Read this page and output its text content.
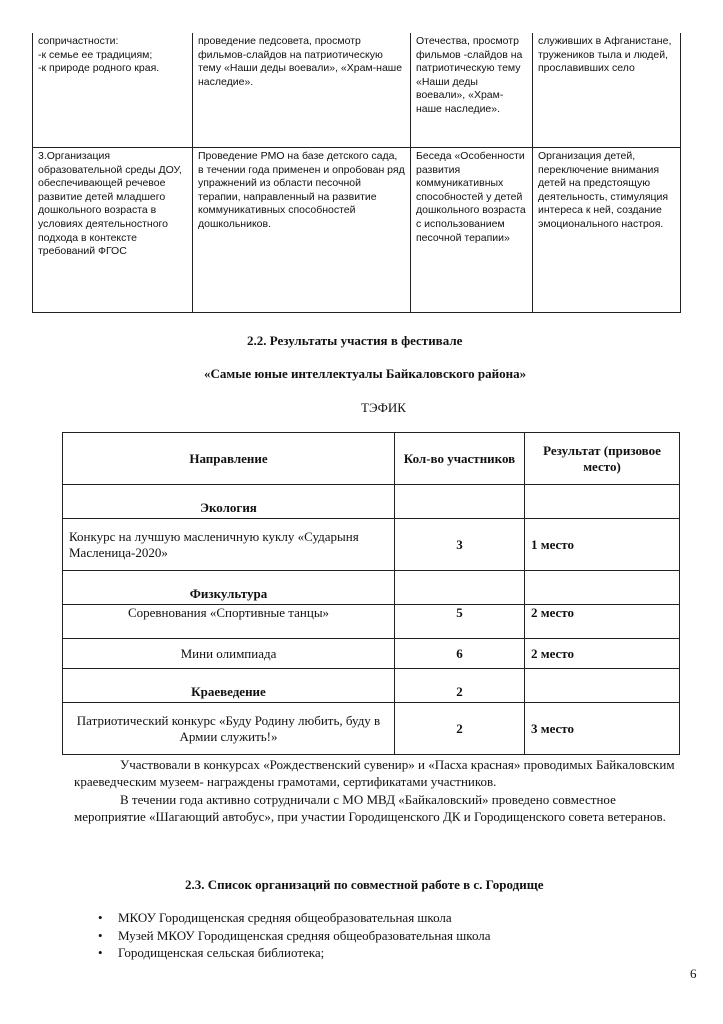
сопричастности:
-к семье ее традициям;
-к природе родного края.	проведение педсовета, просмотр фильмов-слайдов на патриотическую тему «Наши деды воевали», «Храм-наше наследие».	Отечества, просмотр фильмов -слайдов на патриотическую тему «Наши деды воевали», «Храм-наше наследие».	служивших в Афганистане, тружеников тыла и людей, прославивших село
3.Организация образовательной среды ДОУ, обеспечивающей речевое развитие детей младшего дошкольного возраста в условиях деятельностного подхода в контексте требований ФГОС	Проведение РМО на базе детского сада, в течении года применен и опробован ряд упражнений из области песочной терапии, направленный на развитие коммуникативных способностей дошкольников.	Беседа «Особенности развития коммуникативных способностей у детей дошкольного возраста с использованием песочной терапии»	Организация детей, переключение внимания детей на предстоящую деятельность, стимуляция интереса к ней, создание эмоционального настроя.
2.2. Результаты участия в фестивале
«Самые юные интеллектуалы Байкаловского района»
ТЭФИК
Направление	Кол-во участников	Результат (призовое место)
Экология		
Конкурс на лучшую масленичную куклу «Сударыня Масленица-2020»	3	1 место
Физкультура		
Соревнования «Спортивные танцы»	5	2 место
Мини олимпиада	6	2 место
Краеведение	2	
Патриотический конкурс «Буду Родину любить, буду в Армии служить!»	2	3 место
Участвовали в конкурсах «Рождественский сувенир» и «Пасха красная» проводимых Байкаловским краеведческим музеем- награждены грамотами, сертификатами участников.
В течении года активно сотрудничали с МО МВД «Байкаловский» проведено совместное мероприятие «Шагающий автобус», при участии Городищенского ДК и Городищенского совета ветеранов.
2.3. Список организаций по совместной работе в с. Городище
• МКОУ Городищенская средняя общеобразовательная школа
• Музей МКОУ Городищенская средняя общеобразовательная школа
• Городищенская сельская библиотека;
6
